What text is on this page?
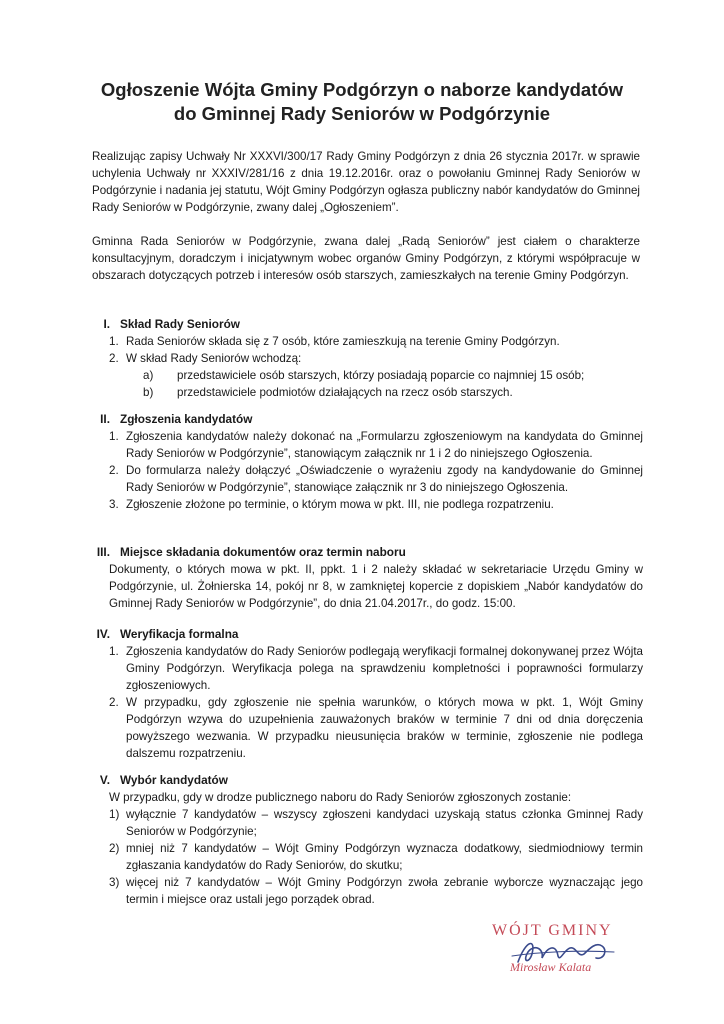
Ogłoszenie Wójta Gminy Podgórzyn o naborze kandydatów
do Gminnej Rady Seniorów w Podgórzynie
Realizując zapisy Uchwały Nr XXXVI/300/17 Rady Gminy Podgórzyn z dnia 26 stycznia 2017r. w sprawie uchylenia Uchwały nr XXXIV/281/16 z dnia 19.12.2016r. oraz o powołaniu Gminnej Rady Seniorów w Podgórzynie i nadania jej statutu, Wójt Gminy Podgórzyn ogłasza publiczny nabór kandydatów do Gminnej Rady Seniorów w Podgórzynie, zwany dalej „Ogłoszeniem”.
Gminna Rada Seniorów w Podgórzynie, zwana dalej „Radą Seniorów” jest ciałem o charakterze konsultacyjnym, doradczym i inicjatywnym wobec organów Gminy Podgórzyn, z którymi współpracuje w obszarach dotyczących potrzeb i interesów osób starszych, zamieszkałych na terenie Gminy Podgórzyn.
I. Skład Rady Seniorów
1. Rada Seniorów składa się z 7 osób, które zamieszkują na terenie Gminy Podgórzyn.
2. W skład Rady Seniorów wchodzą:
a) przedstawiciele osób starszych, którzy posiadają poparcie co najmniej 15 osób;
b) przedstawiciele podmiotów działających na rzecz osób starszych.
II. Zgłoszenia kandydatów
1. Zgłoszenia kandydatów należy dokonać na „Formularzu zgłoszeniowym na kandydata do Gminnej Rady Seniorów w Podgórzynie”, stanowiącym załącznik nr 1 i 2 do niniejszego Ogłoszenia.
2. Do formularza należy dołączyć „Oświadczenie o wyrażeniu zgody na kandydowanie do Gminnej Rady Seniorów w Podgórzynie”, stanowiące załącznik nr 3 do niniejszego Ogłoszenia.
3. Zgłoszenie złożone po terminie, o którym mowa w pkt. III, nie podlega rozpatrzeniu.
III. Miejsce składania dokumentów oraz termin naboru
Dokumenty, o których mowa w pkt. II, ppkt. 1 i 2 należy składać w sekretariacie Urzędu Gminy w Podgórzynie, ul. Żołnierska 14, pokój nr 8, w zamkniętej kopercie z dopiskiem „Nabór kandydatów do Gminnej Rady Seniorów w Podgórzynie”, do dnia 21.04.2017r., do godz. 15:00.
IV. Weryfikacja formalna
1. Zgłoszenia kandydatów do Rady Seniorów podlegają weryfikacji formalnej dokonywanej przez Wójta Gminy Podgórzyn. Weryfikacja polega na sprawdzeniu kompletności i poprawności formularzy zgłoszeniowych.
2. W przypadku, gdy zgłoszenie nie spełnia warunków, o których mowa w pkt. 1, Wójt Gminy Podgórzyn wzywa do uzupełnienia zauważonych braków w terminie 7 dni od dnia doręczenia powyższego wezwania. W przypadku nieusunięcia braków w terminie, zgłoszenie nie podlega dalszemu rozpatrzeniu.
V. Wybór kandydatów
W przypadku, gdy w drodze publicznego naboru do Rady Seniorów zgłoszonych zostanie:
1) wyłącznie 7 kandydatów – wszyscy zgłoszeni kandydaci uzyskają status członka Gminnej Rady Seniorów w Podgórzynie;
2) mniej niż 7 kandydatów – Wójt Gminy Podgórzyn wyznacza dodatkowy, siedmiodniowy termin zgłaszania kandydatów do Rady Seniorów, do skutku;
3) więcej niż 7 kandydatów – Wójt Gminy Podgórzyn zwoła zebranie wyborcze wyznaczając jego termin i miejsce oraz ustali jego porządek obrad.
WÓJT GMINY
Mirosław Kalata
